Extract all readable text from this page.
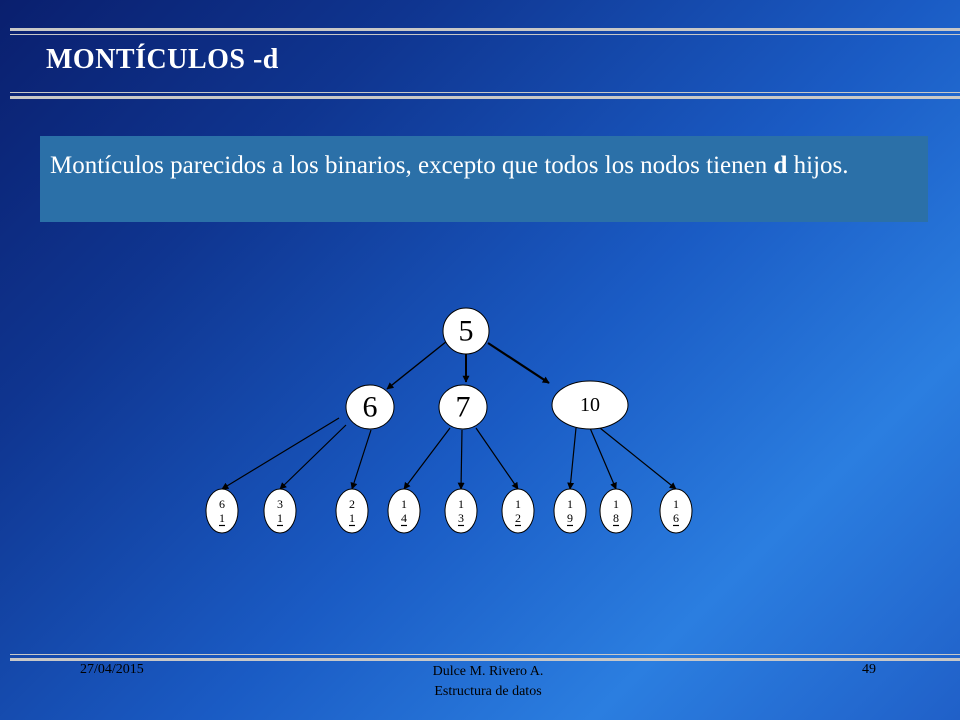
MONTÍCULOS -d
Montículos parecidos a los binarios, excepto que todos los nodos tienen d hijos.
5
6	7	10
6
1
3
1
2
1
1
4
1
3
1
2
1
9
1
8
1
6
27/04/2015	Dulce M. Rivero A.
Estructura de datos
49
